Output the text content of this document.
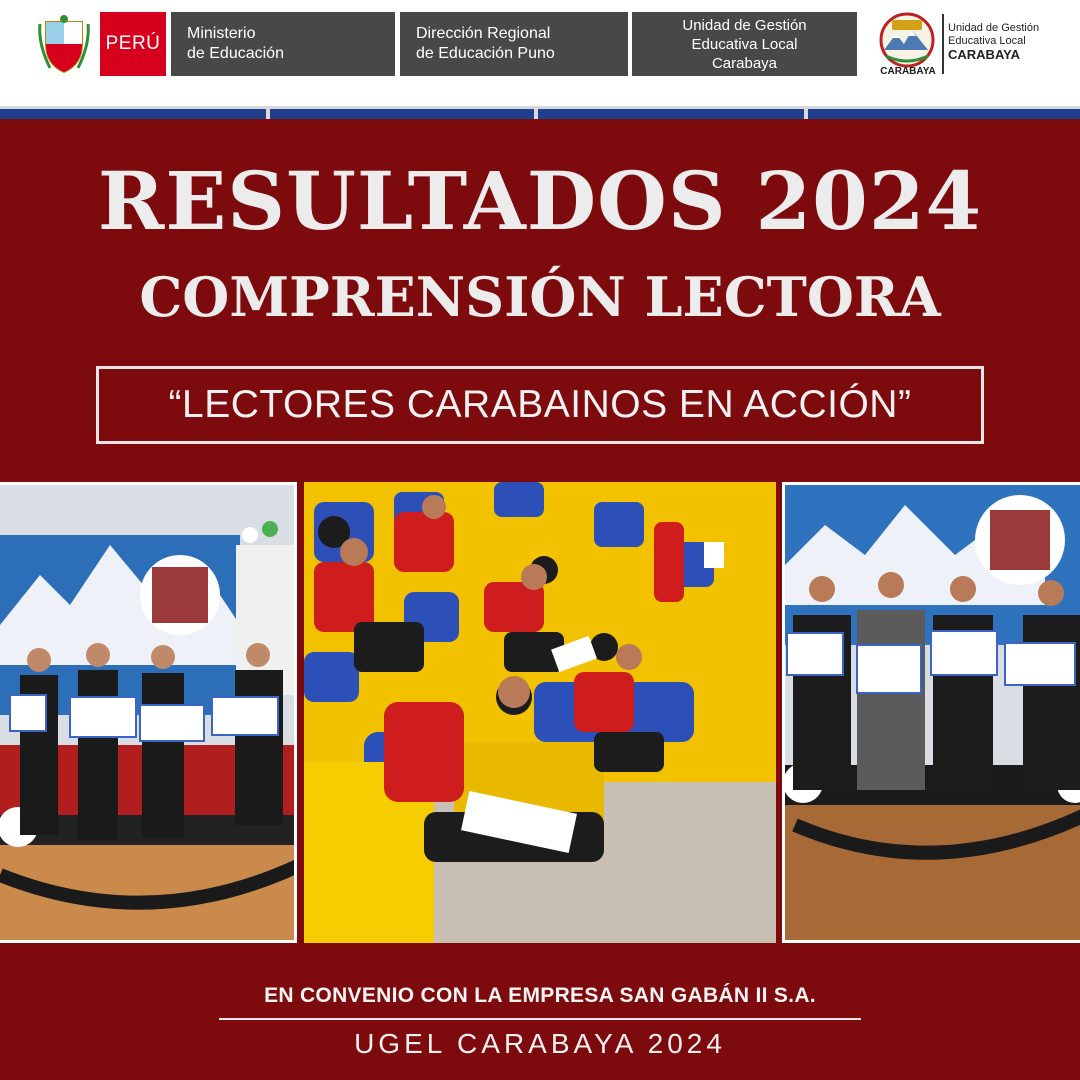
PERÚ	Ministerio
de Educación
Dirección Regional
de Educación Puno
Unidad de Gestión
Educativa Local
Carabaya	CARABAYA
Unidad de Gestión
Educativa Local
CARABAYA
RESULTADOS 2024
COMPRENSIÓN LECTORA
“LECTORES CARABAINOS EN ACCIÓN”
EN CONVENIO CON LA EMPRESA SAN GABÁN II S.A.
UGEL CARABAYA 2024
